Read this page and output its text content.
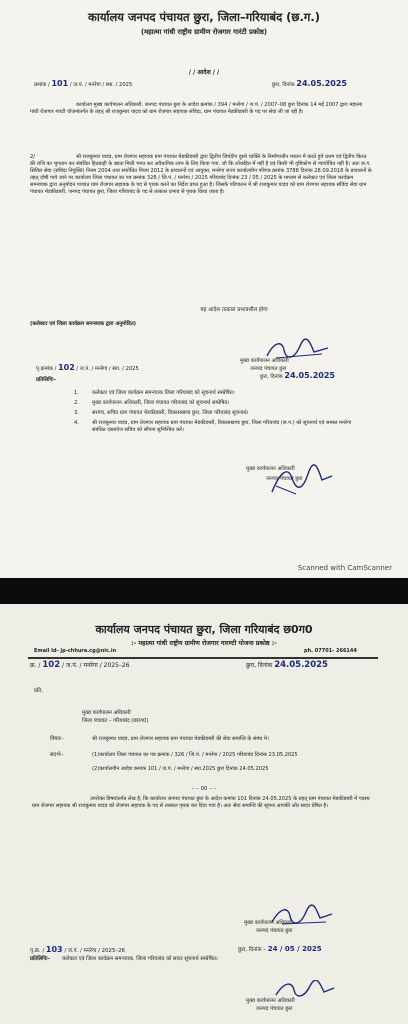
कार्यालय जनपद पंचायत छुरा, जिला–गरियाबंद (छ.ग.)
(महात्मा गांधी राष्ट्रीय ग्रामीण रोजगार गारंटी प्रकोष्ठ)
/ / आदेश / /
क्रमांक / 101 / ज.पं. / मनरेगा / स्था. / 2025	छुरा, दिनांक 24.05.2025
कार्यालय मुख्य कार्यपालन अधिकारी, जनपद पंचायत छुरा के आदेश क्रमांक / 394 / मनरेगा / ज.पं. / 2007–08 छुरा दिनांक 14 मई 2007 द्वारा महात्मा गांधी रोजगार गारंटी योजनांतर्गत के तहत् श्री राजकुमार यादव को ग्राम रोजगार सहायक संविदा, ग्राम पंचायत मेडकीडबरी के पद पर सेवा ली जा रही है।
2/	श्री राजकुमार यादव, ग्राम रोजगार सहायक ग्राम पंचायत मेडकीडबरी द्वारा द्वितीय जियोटैग दुसरे व्यक्ति के निर्माणाधीन मकान में करते हुये प्रथम एवं द्वितीय किश्त की राशि का भुगतान कर संबंधित हितग्राही के खाता मिली भगत कर अवैधानिक लाभ के लिए किया गया, जो कि लोकहित में नहीं है एवं किसी भी दृष्टिकोण से न्यायोचित नहीं है। अतः छ.ग. सिविल सेवा (संविदा नियुक्ति) नियम 2004 तथा संशोधित नियम 2012 के प्रावधानों एवं आयुक्त, मनरेगा राज्य कार्यालयीन परिपत्र क्रमांक 3788 दिनांक 28.09.2018 के प्रावधानों के तहत् दोषी पाये जाने पर कार्यालय जिला पंचायत का पत्र क्रमांक 326 / जि.पं. / मनरेगा / 2025 गरियाबंद दिनांक 23 / 05 / 2025 के माध्यम से कलेक्टर एवं जिला कार्यक्रम समन्वयक द्वारा अनुमोदन पश्चात ग्राम रोजगार सहायक के पद से पृथक करने का निर्देश प्राप्त हुआ है। जिसके परिपालन में श्री राजकुमार यादव को ग्राम रोजगार सहायक संविदा सेवा ग्राम पंचायत मेडकीडबरी, जनपद पंचायत छुरा, जिला गरियाबंद के पद से तत्काल प्रभाव से पृथक किया जाता है।
यह आदेश तत्काल प्रभावशील होगा
(कलेक्टर एवं जिला कार्यक्रम समन्वयक द्वारा अनुमोदित)
मुख्य कार्यपालन अधिकारी
जनपद पंचायत छुरा
पृ.क्रमांक / 102 / ज.पं. / मनरेगा / स्था. / 2025
छुरा, दिनांक 24.05.2025
प्रतिलिपिः–
1.	कलेक्टर एवं जिला कार्यक्रम समन्वयक जिला गरियाबंद को सूचनार्थ सम्प्रेषित।
2.	मुख्य कार्यपालन अधिकारी, जिला पंचायत गरियाबंद को सूचनार्थ सम्प्रेषित।
3.	सरपंच, सचिव ग्राम पंचायत मेडकीडबरी, विकासखण्ड छुरा, जिला गरियाबंद सूचनार्थ।
4.	श्री राजकुमार यादव, ग्राम रोजगार सहायक ग्राम पंचायत मेडकीडबरी, विकासखण्ड छुरा, जिला गरियाबंद (छ.ग.) को सूचनार्थ एवं समस्त मनरेगा संबंधित दस्तावेज सचिव को सौंपना सुनिश्चित करें।
मुख्य कार्यपालन अधिकारी
जनपद पंचायत छुरा
Scanned with CamScanner
कार्यालय जनपद पंचायत छुरा, जिला गरियाबंद छ0ग0
:- महात्मा गांधी राष्ट्रीय ग्रामीण रोजगार गारण्टी योजना प्रकोष्ठ :-
Email Id- jp-chhura.cg@nic.in	ph. 07701- 266144
क्र. / 102 / ज.पं. / मनरेगा / 2025–26	छुरा, दिनांक 24.05.2025
प्रति,
मुख्य कार्यपालन अधिकारी
जिला पंचायत – गरियाबंद (छ0ग0)
विषयः–	श्री राजकुमार यादव, ग्राम रोजगार सहायक ग्राम पंचायत मेडकीडबरी की सेवा समाप्ति के संबंध मे।
संदर्भः–	(1)कार्यालय जिला पंचायत का पत्र क्रमांक / 326 / जि.पं. / मनरेगा / 2025 गरियाबंद दिनांक 23.05.2025
(2)कार्यालयीन आदेश कमांक 101 / ज.पं. / मनरेगा / स्था.2025 छुरा दिनांक 24.05.2025
– – 00 – –
उपरोक्त विषयांतर्गत लेख है, कि कार्यालय जनपद पंचायत छुरा के आदेश कमांक 101 दिनांक 24.05.2025 के तहत् ग्राम पंचायत मेडकीडबरी में पदस्थ ग्राम रोजगार सहायक श्री राजकुमार यादव को रोजगार सहायक के पद से तत्काल पृथक कर दिया गया है। अतः सेवा समाप्ति की सूचना आपकी ओर सादर प्रेषित है।
मुख्य कार्यपालन अधिकारी
जनपद पंचायत छुरा
पृ.क्र. / 103 / ज.पं. / मनरेगा / 2025–26	छुरा, दिनांक – 24 / 05 / 2025
प्रतिलिपिः– कलेक्टर एवं जिला कार्यक्रम समन्वयक, जिला गरियाबंद को सादर सूचनार्थ सम्प्रेषित।
मुख्य कार्यपालन अधिकारी
जनपद पंचायत छुरा
